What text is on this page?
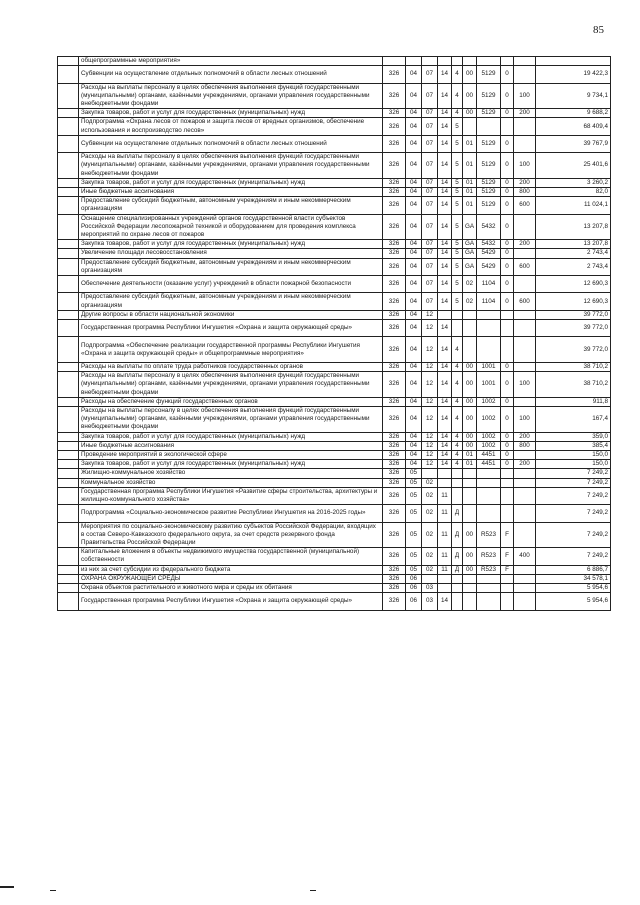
85
	общепрограммные мероприятия»										
	Субвенции на осуществление отдельных полномочий в области лесных отношений	326	04	07	14	4	00	5129	0		19 422,3
	Расходы на выплаты персоналу в целях обеспечения выполнения функций государственными (муниципальными) органами, казёнными учреждениями, органами управления государственными внебюджетными фондами	326	04	07	14	4	00	5129	0	100	9 734,1
	Закупка товаров, работ и услуг для государственных (муниципальных) нужд	326	04	07	14	4	00	5129	0	200	9 688,2
	Подпрограмма «Охрана лесов от пожаров и защита лесов от вредных организмов, обеспечение использования и воспроизводство лесов»	326	04	07	14	5					68 409,4
	Субвенции на осуществление отдельных полномочий в области лесных отношений	326	04	07	14	5	01	5129	0		39 767,9
	Расходы на выплаты персоналу в целях обеспечения выполнения функций государственными (муниципальными) органами, казёнными учреждениями, органами управления государственными внебюджетными фондами	326	04	07	14	5	01	5129	0	100	25 401,6
	Закупка товаров, работ и услуг для государственных (муниципальных) нужд	326	04	07	14	5	01	5129	0	200	3 260,2
	Иные бюджетные ассигнования	326	04	07	14	5	01	5129	0	800	82,0
	Предоставление субсидий бюджетным, автономным учреждениям и иным некоммерческим организациям	326	04	07	14	5	01	5129	0	600	11 024,1
	Оснащение специализированных учреждений органов государственной власти субъектов Российской Федерации лесопожарной техникой и оборудованием для проведения комплекса мероприятий по охране лесов от пожаров	326	04	07	14	5	GA	5432	0		13 207,8
	Закупка товаров, работ и услуг для государственных (муниципальных) нужд	326	04	07	14	5	GA	5432	0	200	13 207,8
	Увеличение площади лесовосстановления	326	04	07	14	5	GA	5429	0		2 743,4
	Предоставление субсидий бюджетным, автономным учреждениям и иным некоммерческим организациям	326	04	07	14	5	GA	5429	0	600	2 743,4
	Обеспечение деятельности (оказание услуг) учреждений в области пожарной безопасности	326	04	07	14	5	02	1104	0		12 690,3
	Предоставление субсидий бюджетным, автономным учреждениям и иным некоммерческим организациям	326	04	07	14	5	02	1104	0	600	12 690,3
	Другие вопросы в области национальной экономики	326	04	12							39 772,0
	Государственная программа Республики Ингушетия «Охрана и защита окружающей среды»	326	04	12	14						39 772,0
	Подпрограмма «Обеспечение реализации государственной программы Республики Ингушетия «Охрана и защита окружающей среды» и общепрограммные мероприятия»	326	04	12	14	4					39 772,0
	Расходы на выплаты по оплате труда работников государственных органов	326	04	12	14	4	00	1001	0		38 710,2
	Расходы на выплаты персоналу в целях обеспечения выполнения функций государственными (муниципальными) органами, казёнными учреждениями, органами управления государственными внебюджетными фондами	326	04	12	14	4	00	1001	0	100	38 710,2
	Расходы на обеспечение функций государственных органов	326	04	12	14	4	00	1002	0		911,8
	Расходы на выплаты персоналу в целях обеспечения выполнения функций государственными (муниципальными) органами, казёнными учреждениями, органами управления государственными внебюджетными фондами	326	04	12	14	4	00	1002	0	100	167,4
	Закупка товаров, работ и услуг для государственных (муниципальных) нужд	326	04	12	14	4	00	1002	0	200	359,0
	Иные бюджетные ассигнования	326	04	12	14	4	00	1002	0	800	385,4
	Проведение мероприятий в экологической сфере	326	04	12	14	4	01	4451	0		150,0
	Закупка товаров, работ и услуг для государственных (муниципальных) нужд	326	04	12	14	4	01	4451	0	200	150,0
	Жилищно-коммунальное хозяйство	326	05								7 249,2
	Коммунальное хозяйство	326	05	02							7 249,2
	Государственная программа Республики Ингушетия «Развитие сферы строительства, архитектуры и жилищно-коммунального хозяйства»	326	05	02	11						7 249,2
	Подпрограмма «Социально-экономическое развитие Республики Ингушетия на 2016-2025 годы»	326	05	02	11	Д					7 249,2
	Мероприятия по социально-экономическому развитию субъектов Российской Федерации, входящих в состав Северо-Кавказского федерального округа, за счет средств резервного фонда Правительства Российской Федерации	326	05	02	11	Д	00	R523	F		7 249,2
	Капитальные вложения в объекты недвижимого имущества государственной (муниципальной) собственности	326	05	02	11	Д	00	R523	F	400	7 249,2
	из них за счет субсидии из федерального бюджета	326	05	02	11	Д	00	R523	F		6 886,7
	ОХРАНА ОКРУЖАЮЩЕЙ СРЕДЫ	326	06								34 578,1
	Охрана объектов растительного и животного мира и среды их обитания	326	06	03							5 954,6
	Государственная программа Республики Ингушетия «Охрана и защита окружающей среды»	326	06	03	14						5 954,6
